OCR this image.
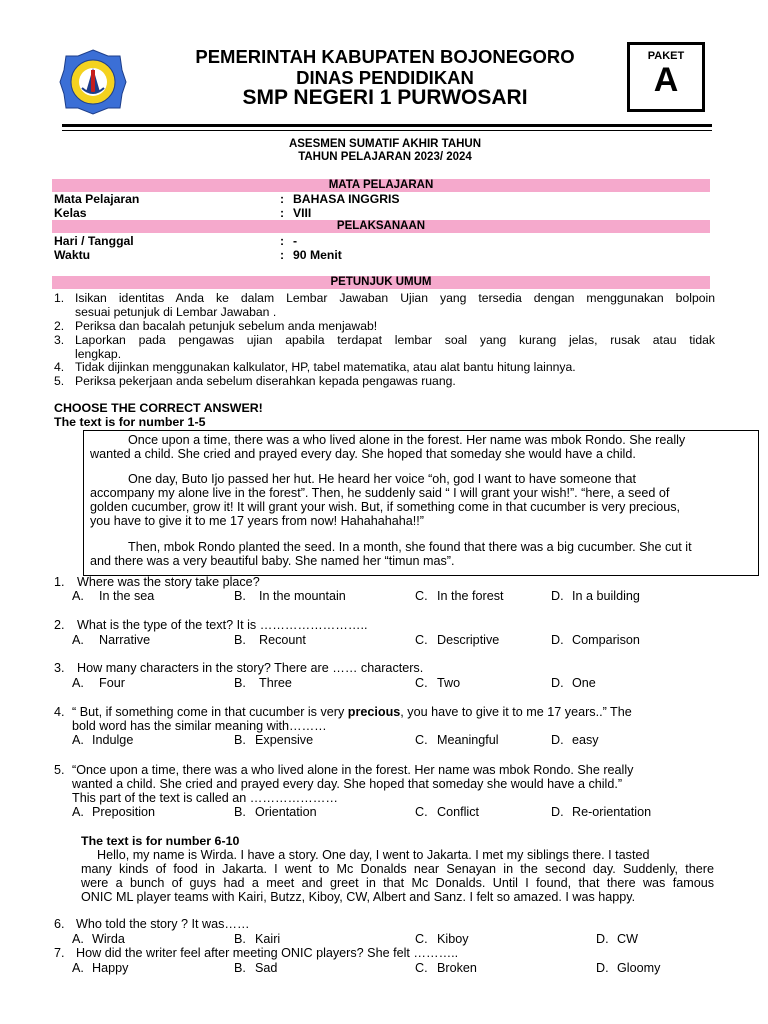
PEMERINTAH KABUPATEN BOJONEGORO
DINAS PENDIDIKAN
SMP NEGERI 1 PURWOSARI
PAKET
A
ASESMEN SUMATIF AKHIR TAHUN
TAHUN PELAJARAN 2023/ 2024
MATA PELAJARAN
Mata Pelajaran	: BAHASA INGGRIS
Kelas	: VIII
PELAKSANAAN
Hari / Tanggal	: -
Waktu	: 90 Menit
PETUNJUK UMUM
1. Isikan identitas Anda ke dalam Lembar Jawaban Ujian yang tersedia dengan menggunakan bolpoin
sesuai petunjuk di Lembar Jawaban .
2. Periksa dan bacalah petunjuk sebelum anda menjawab!
3. Laporkan pada pengawas ujian apabila terdapat lembar soal yang kurang jelas, rusak atau tidak
lengkap.
4. Tidak dijinkan menggunakan kalkulator, HP, tabel matematika, atau alat bantu hitung lainnya.
5. Periksa pekerjaan anda sebelum diserahkan kepada pengawas ruang.
CHOOSE THE CORRECT ANSWER!
The text is for number 1-5
Once upon a time, there was a who lived alone in the forest. Her name was mbok Rondo. She really
wanted a child. She cried and prayed every day. She hoped that someday she would have a child.
One day, Buto Ijo passed her hut. He heard her voice “oh, god I want to have someone that
accompany my alone live in the forest”. Then, he suddenly said “ I will grant your wish!”. “here, a seed of
golden cucumber, grow it! It will grant your wish. But, if something come in that cucumber is very precious,
you have to give it to me 17 years from now! Hahahahaha!!”
Then, mbok Rondo planted the seed. In a month, she found that there was a big cucumber. She cut it
and there was a very beautiful baby. She named her “timun mas”.
1. Where was the story take place?
A. In the sea	B. In the mountain	C. In the forest	D. In a building
2. What is the type of the text? It is ……………………..
A. Narrative	B. Recount	C. Descriptive	D. Comparison
3. How many characters in the story? There are …… characters.
A. Four	B. Three	C. Two	D. One
4. “ But, if something come in that cucumber is very precious, you have to give it to me 17 years..” The
bold word has the similar meaning with………
A. Indulge	B. Expensive	C. Meaningful	D. easy
5. “Once upon a time, there was a who lived alone in the forest. Her name was mbok Rondo. She really
wanted a child. She cried and prayed every day. She hoped that someday she would have a child.”
This part of the text is called an …………………
A. Preposition	B. Orientation	C. Conflict	D. Re-orientation
The text is for number 6-10
Hello, my name is Wirda. I have a story. One day, I went to Jakarta. I met my siblings there. I tasted
many kinds of food in Jakarta. I went to Mc Donalds near Senayan in the second day. Suddenly, there
were a bunch of guys had a meet and greet in that Mc Donalds. Until I found, that there was famous
ONIC ML player teams with Kairi, Butzz, Kiboy, CW, Albert and Sanz. I felt so amazed. I was happy.
6. Who told the story ? It was……
A. Wirda	B. Kairi	C. Kiboy	D. CW
7. How did the writer feel after meeting ONIC players? She felt ………..
A. Happy	B. Sad	C. Broken	D. Gloomy
